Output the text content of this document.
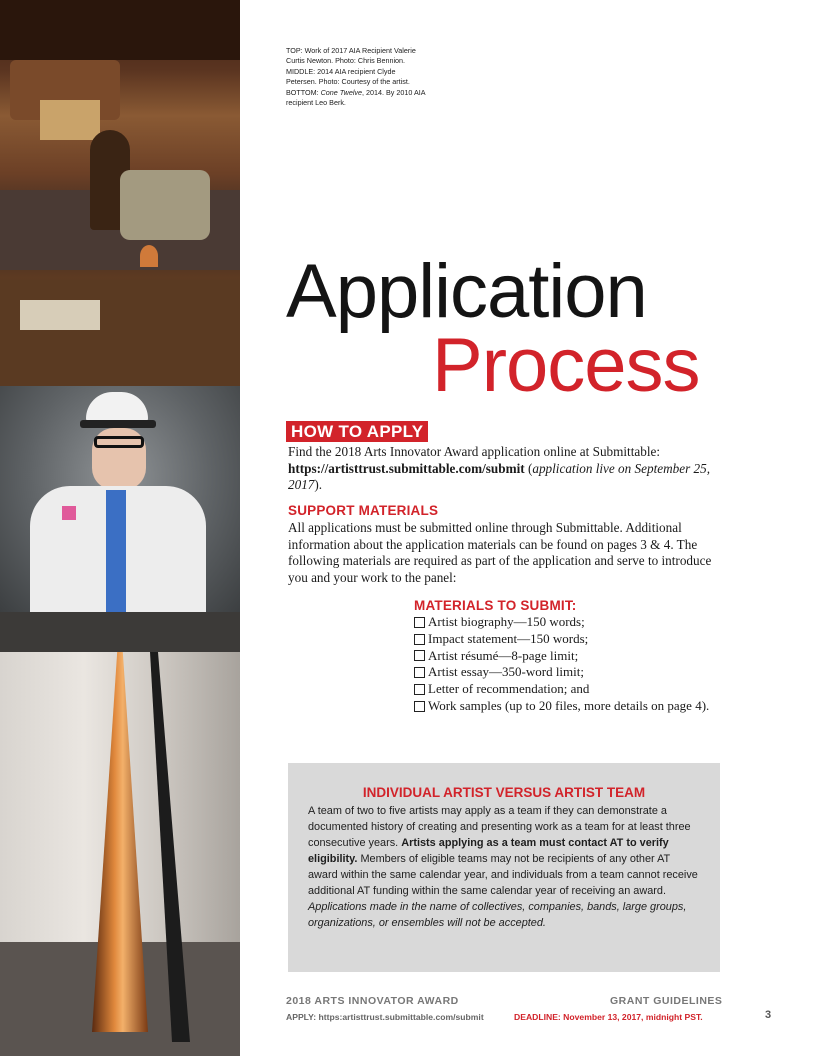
TOP: Work of 2017 AIA Recipient Valerie Curtis Newton. Photo: Chris Bennion. MIDDLE: 2014 AIA recipient Clyde Petersen. Photo: Courtesy of the artist. BOTTOM: Cone Twelve, 2014. By 2010 AIA recipient Leo Berk.
Application
Process
HOW TO APPLY
Find the 2018 Arts Innovator Award application online at Submittable: https://artisttrust.submittable.com/submit (application live on September 25, 2017).
SUPPORT MATERIALS
All applications must be submitted online through Submittable. Additional information about the application materials can be found on pages 3 & 4. The following materials are required as part of the application and serve to introduce you and your work to the panel:
MATERIALS TO SUBMIT:
Artist biography—150 words;
Impact statement—150 words;
Artist résumé—8-page limit;
Artist essay—350-word limit;
Letter of recommendation; and
Work samples (up to 20 files, more details on page 4).
INDIVIDUAL ARTIST VERSUS ARTIST TEAM
A team of two to five artists may apply as a team if they can demonstrate a documented history of creating and presenting work as a team for at least three consecutive years. Artists applying as a team must contact AT to verify eligibility. Members of eligible teams may not be recipients of any other AT award within the same calendar year, and individuals from a team cannot receive additional AT funding within the same calendar year of receiving an award. Applications made in the name of collectives, companies, bands, large groups, organizations, or ensembles will not be accepted.
2018 ARTS INNOVATOR AWARD
APPLY: https:artisttrust.submittable.com/submit
GRANT GUIDELINES
DEADLINE: November 13, 2017, midnight PST.	3
